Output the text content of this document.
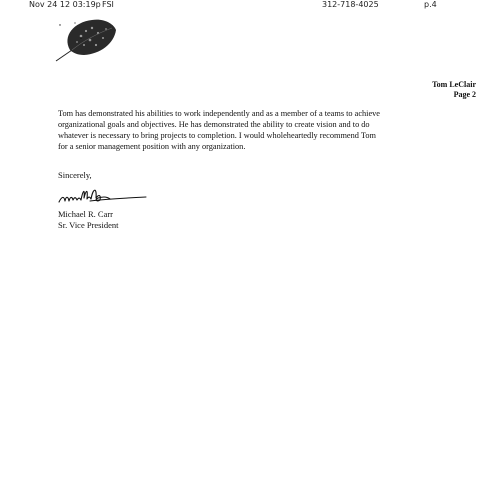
Nov 24 12 03:19p FSI	312-718-4025	p.4
Tom LeClair
Page 2

Tom has demonstrated his abilities to work independently and as a member of a teams to achieve
organizational goals and objectives. He has demonstrated the ability to create vision and to do
whatever is necessary to bring projects to completion. I would wholeheartedly recommend Tom
for a senior management position with any organization.

Sincerely,
Michael R. Carr
Sr. Vice President
